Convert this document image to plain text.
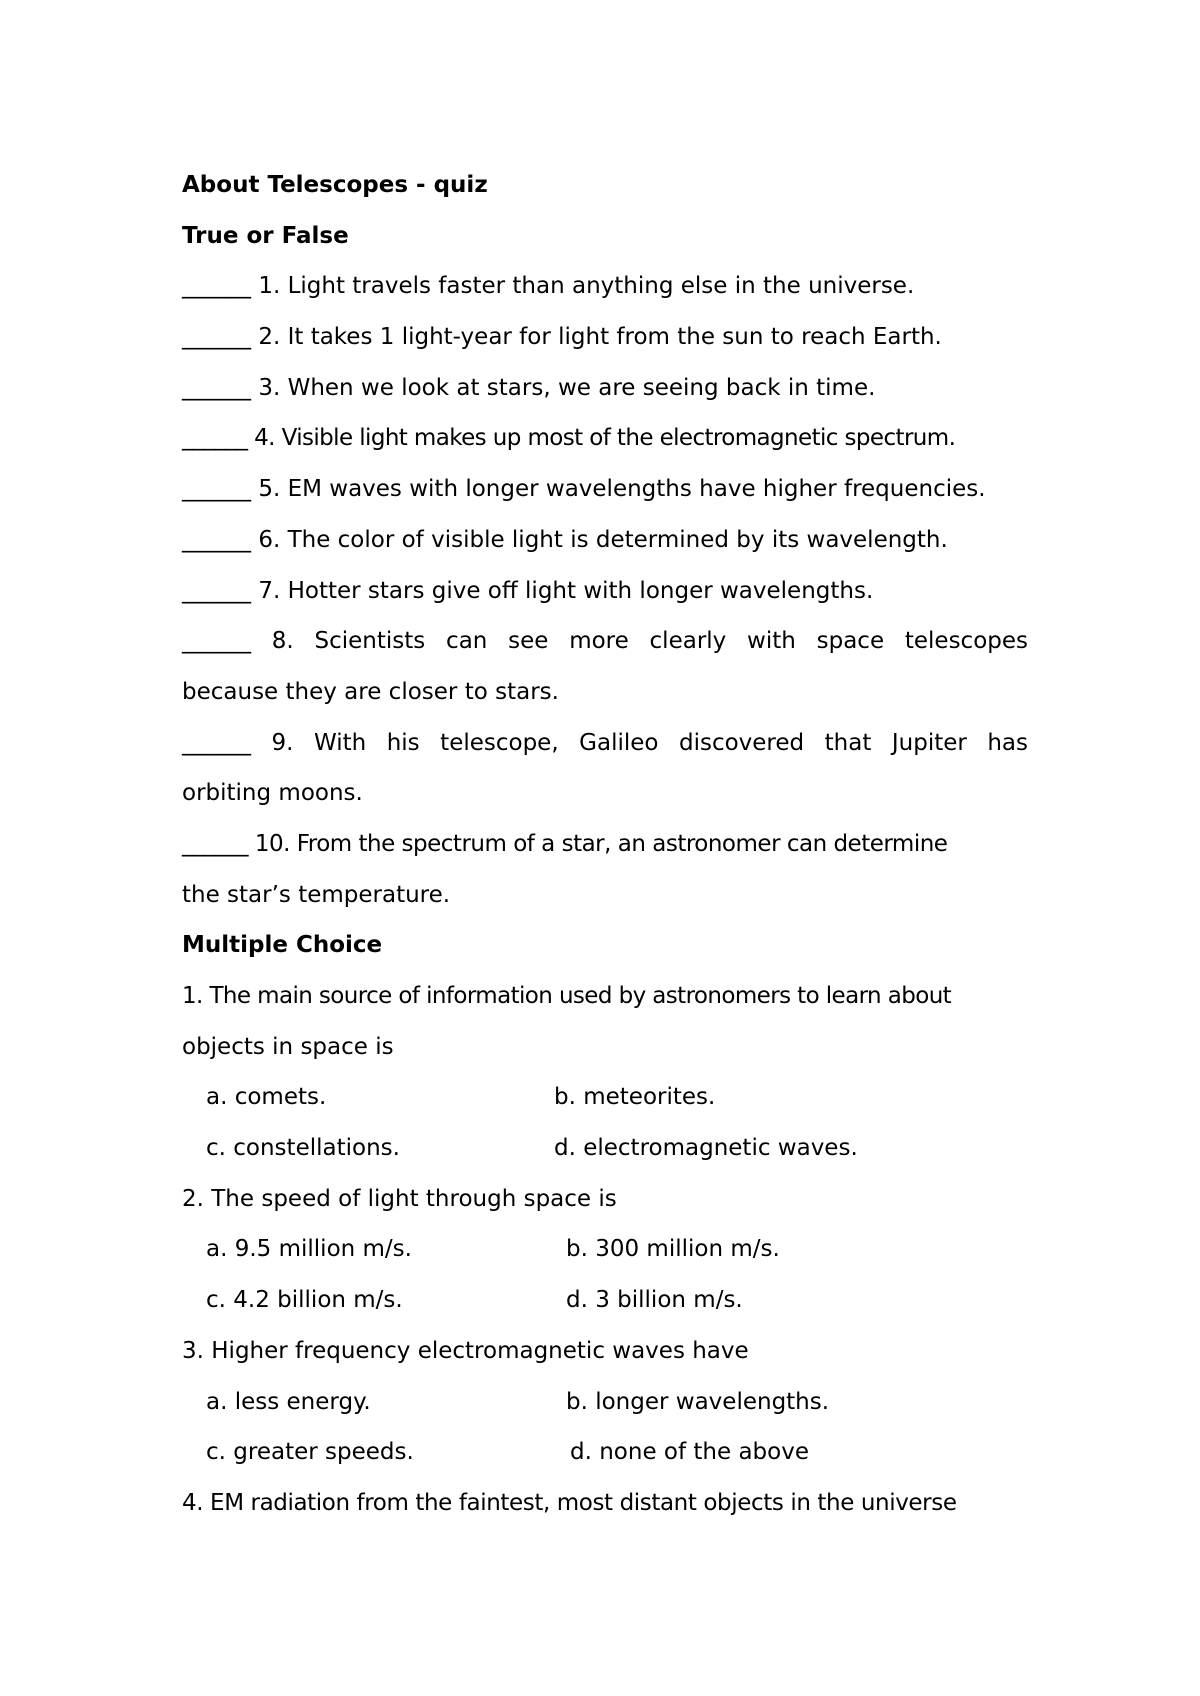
About Telescopes - quiz
True or False
______ 1. Light travels faster than anything else in the universe.
______ 2. It takes 1 light-year for light from the sun to reach Earth.
______ 3. When we look at stars, we are seeing back in time.
______ 4. Visible light makes up most of the electromagnetic spectrum.
______ 5. EM waves with longer wavelengths have higher frequencies.
______ 6. The color of visible light is determined by its wavelength.
______ 7. Hotter stars give off light with longer wavelengths.
______ 8. Scientists can see more clearly with space telescopes
because they are closer to stars.
______ 9. With his telescope, Galileo discovered that Jupiter has
orbiting moons.
______ 10. From the spectrum of a star, an astronomer can determine
the star’s temperature.
Multiple Choice
1. The main source of information used by astronomers to learn about
objects in space is
a. comets.	b. meteorites.
c. constellations.	d. electromagnetic waves.
2. The speed of light through space is
a. 9.5 million m/s.	b. 300 million m/s.
c. 4.2 billion m/s.	d. 3 billion m/s.
3. Higher frequency electromagnetic waves have
a. less energy.	b. longer wavelengths.
c. greater speeds.	d. none of the above
4. EM radiation from the faintest, most distant objects in the universe
